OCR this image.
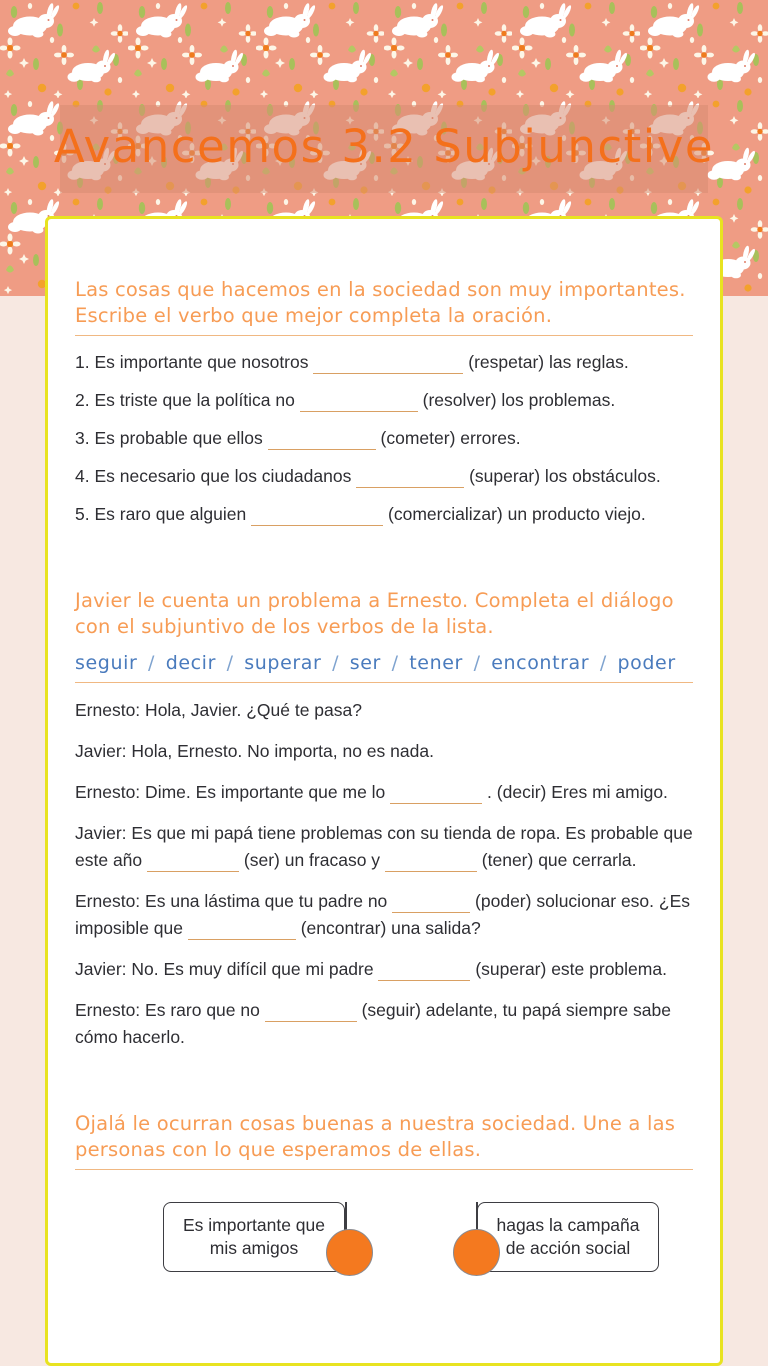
Avancemos 3.2 Subjunctive
Las cosas que hacemos en la sociedad son muy importantes. Escribe el verbo que mejor completa la oración.
1. Es importante que nosotros	(respetar) las reglas.
2. Es triste que la política no	(resolver) los problemas.
3. Es probable que ellos	(cometer) errores.
4. Es necesario que los ciudadanos	(superar) los obstáculos.
5. Es raro que alguien	(comercializar) un producto viejo.
Javier le cuenta un problema a Ernesto. Completa el diálogo con el subjuntivo de los verbos de la lista.
seguir / decir / superar / ser / tener / encontrar / poder
Ernesto: Hola, Javier. ¿Qué te pasa?
Javier: Hola, Ernesto. No importa, no es nada.
Ernesto: Dime. Es importante que me lo	. (decir) Eres mi amigo.
Javier: Es que mi papá tiene problemas con su tienda de ropa. Es probable que este año	(ser) un fracaso y	(tener) que cerrarla.
Ernesto: Es una lástima que tu padre no	(poder) solucionar eso. ¿Es imposible que	(encontrar) una salida?
Javier: No. Es muy difícil que mi padre	(superar) este problema.
Ernesto: Es raro que no	(seguir) adelante, tu papá siempre sabe cómo hacerlo.
Ojalá le ocurran cosas buenas a nuestra sociedad. Une a las personas con lo que esperamos de ellas.
Es importante que mis amigos
hagas la campaña de acción social
